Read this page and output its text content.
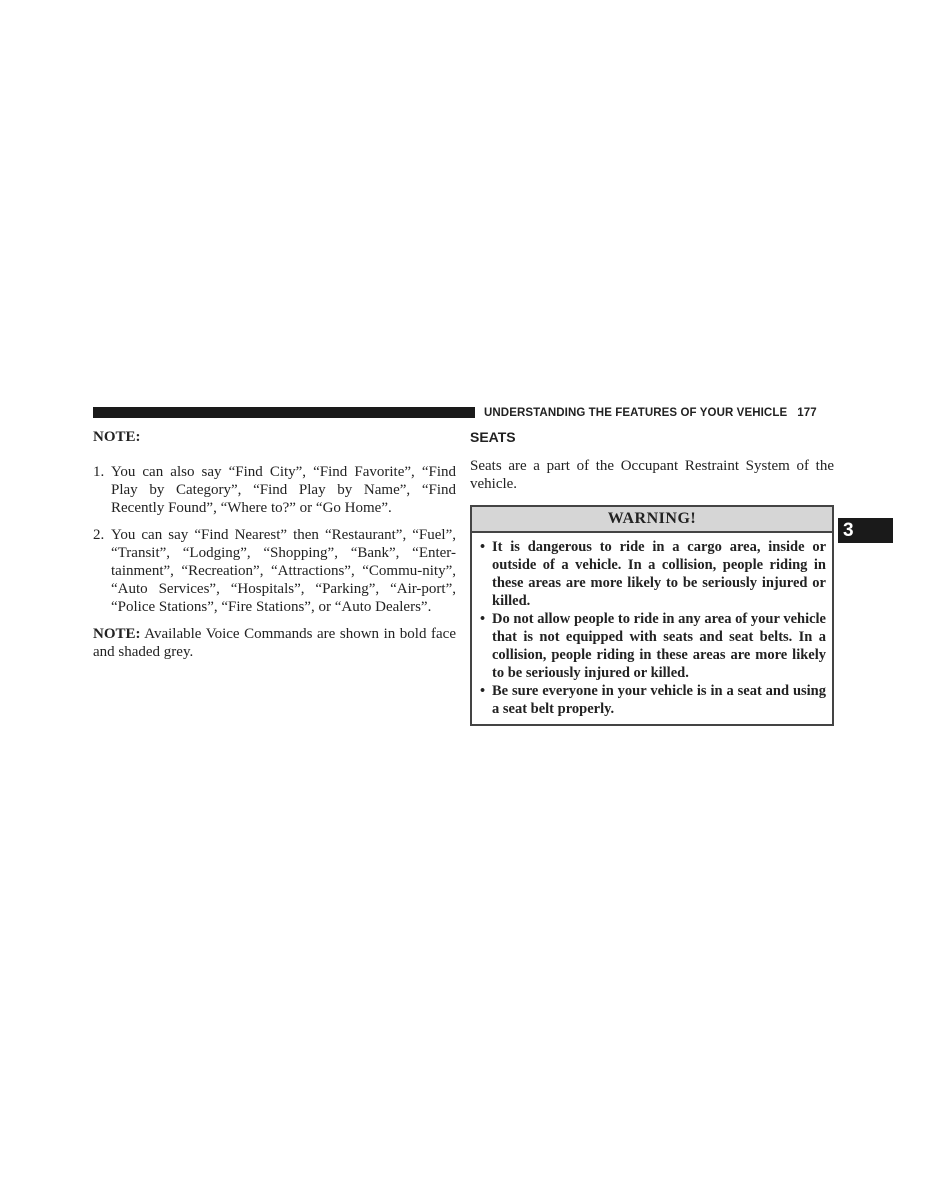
UNDERSTANDING THE FEATURES OF YOUR VEHICLE 177
NOTE:
1. You can also say “Find City”, “Find Favorite”, “Find Play by Category”, “Find Play by Name”, “Find Recently Found”, “Where to?” or “Go Home”.
2. You can say “Find Nearest” then “Restaurant”, “Fuel”, “Transit”, “Lodging”, “Shopping”, “Bank”, “Enter-tainment”, “Recreation”, “Attractions”, “Commu-nity”, “Auto Services”, “Hospitals”, “Parking”, “Air-port”, “Police Stations”, “Fire Stations”, or “Auto Dealers”.
NOTE: Available Voice Commands are shown in bold face and shaded grey.
SEATS
Seats are a part of the Occupant Restraint System of the vehicle.
WARNING!
• It is dangerous to ride in a cargo area, inside or outside of a vehicle. In a collision, people riding in these areas are more likely to be seriously injured or killed.
• Do not allow people to ride in any area of your vehicle that is not equipped with seats and seat belts. In a collision, people riding in these areas are more likely to be seriously injured or killed.
• Be sure everyone in your vehicle is in a seat and using a seat belt properly.
3
